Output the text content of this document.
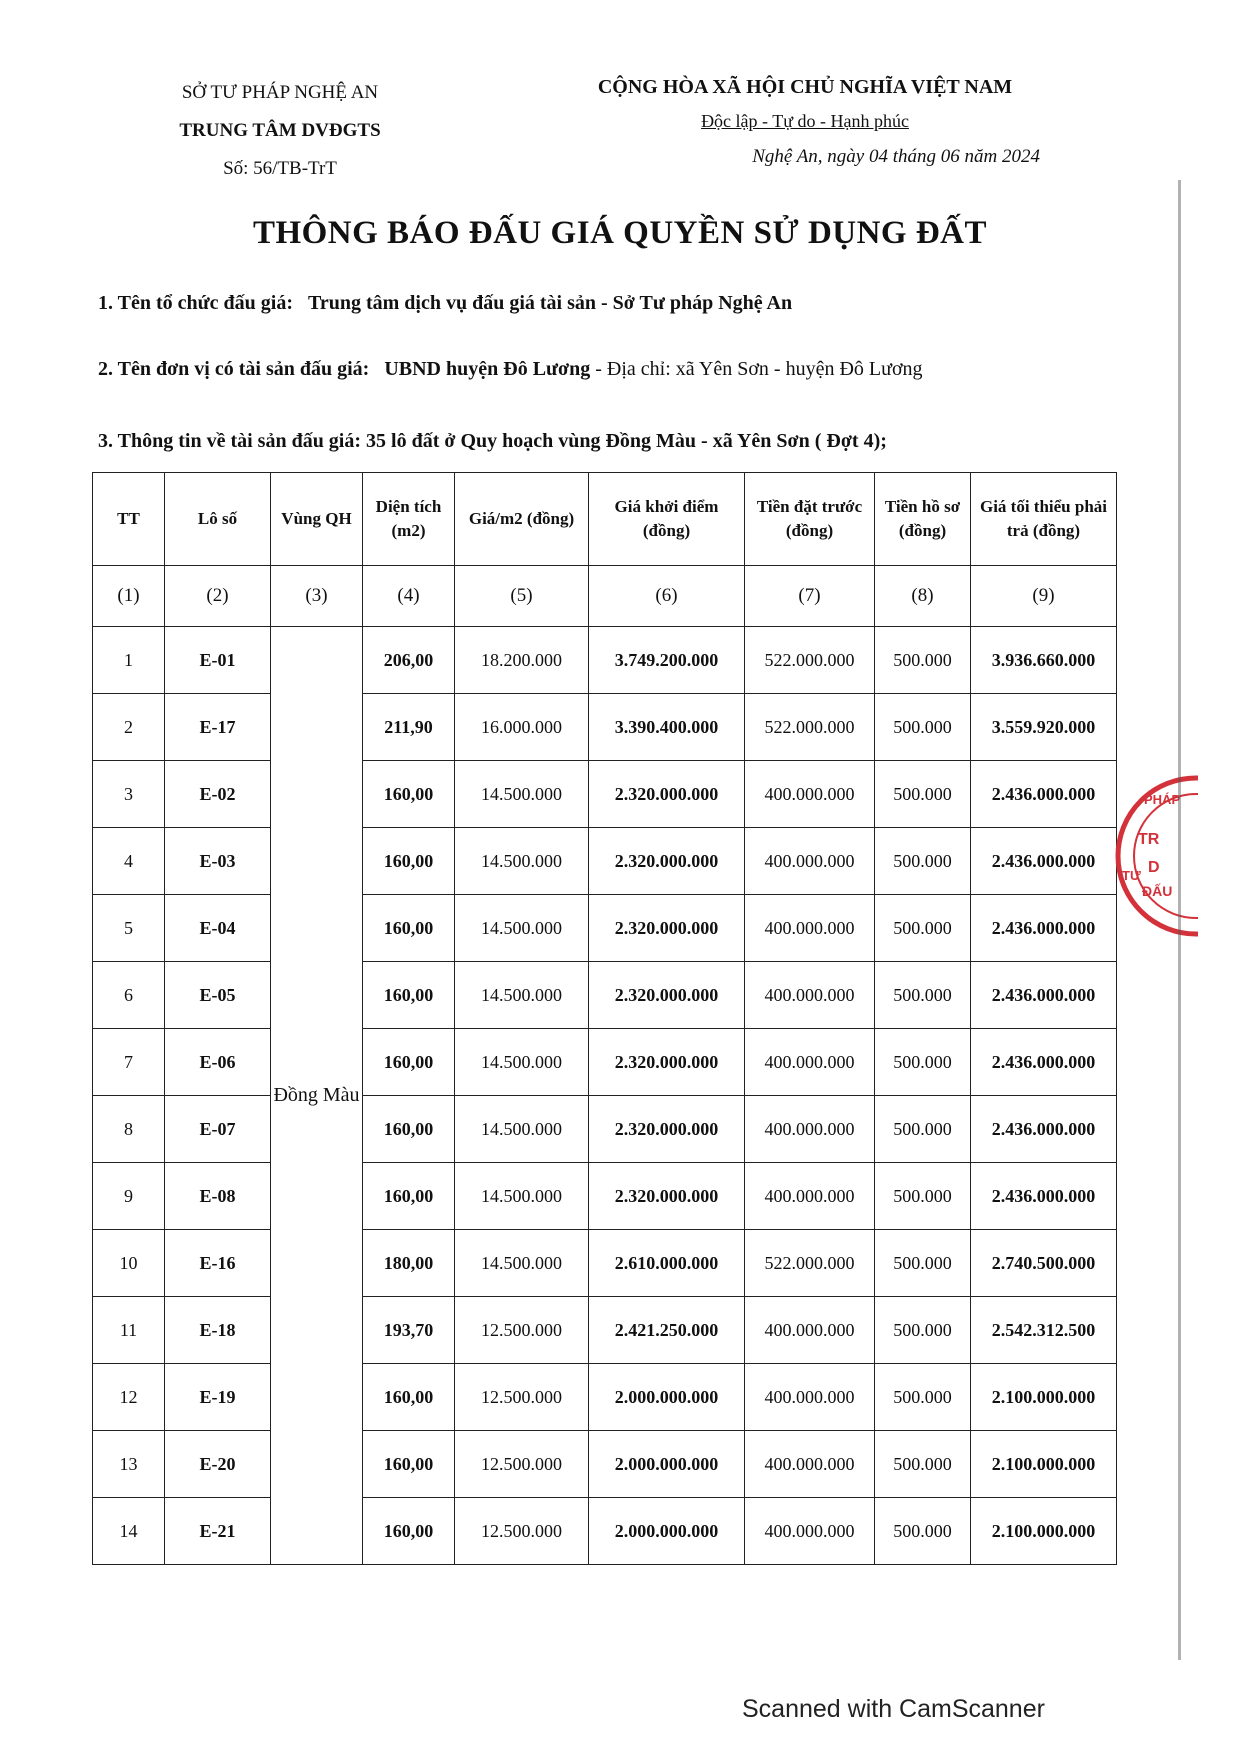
SỞ TƯ PHÁP NGHỆ AN
TRUNG TÂM DVĐGTS
Số: 56/TB-TrT
CỘNG HÒA XÃ HỘI CHỦ NGHĨA VIỆT NAM
Độc lập - Tự do - Hạnh phúc
Nghệ An, ngày 04 tháng 06 năm 2024
THÔNG BÁO ĐẤU GIÁ QUYỀN SỬ DỤNG ĐẤT
1. Tên tổ chức đấu giá: Trung tâm dịch vụ đấu giá tài sản - Sở Tư pháp Nghệ An
2. Tên đơn vị có tài sản đấu giá: UBND huyện Đô Lương - Địa chỉ: xã Yên Sơn - huyện Đô Lương
3. Thông tin về tài sản đấu giá: 35 lô đất ở Quy hoạch vùng Đồng Màu - xã Yên Sơn ( Đợt 4);
TT	Lô số	Vùng QH	Diện tích (m2)	Giá/m2 (đồng)	Giá khởi điểm (đồng)	Tiền đặt trước (đồng)	Tiền hồ sơ (đồng)	Giá tối thiểu phải trả (đồng)
(1)	(2)	(3)	(4)	(5)	(6)	(7)	(8)	(9)
1	E-01	Đồng Màu	206,00	18.200.000	3.749.200.000	522.000.000	500.000	3.936.660.000
2	E-17		211,90	16.000.000	3.390.400.000	522.000.000	500.000	3.559.920.000
3	E-02		160,00	14.500.000	2.320.000.000	400.000.000	500.000	2.436.000.000
4	E-03		160,00	14.500.000	2.320.000.000	400.000.000	500.000	2.436.000.000
5	E-04		160,00	14.500.000	2.320.000.000	400.000.000	500.000	2.436.000.000
6	E-05		160,00	14.500.000	2.320.000.000	400.000.000	500.000	2.436.000.000
7	E-06		160,00	14.500.000	2.320.000.000	400.000.000	500.000	2.436.000.000
8	E-07		160,00	14.500.000	2.320.000.000	400.000.000	500.000	2.436.000.000
9	E-08		160,00	14.500.000	2.320.000.000	400.000.000	500.000	2.436.000.000
10	E-16		180,00	14.500.000	2.610.000.000	522.000.000	500.000	2.740.500.000
11	E-18		193,70	12.500.000	2.421.250.000	400.000.000	500.000	2.542.312.500
12	E-19		160,00	12.500.000	2.000.000.000	400.000.000	500.000	2.100.000.000
13	E-20		160,00	12.500.000	2.000.000.000	400.000.000	500.000	2.100.000.000
14	E-21		160,00	12.500.000	2.000.000.000	400.000.000	500.000	2.100.000.000
PHÁP
TR
D
ĐẤU
TƯ
Scanned with CamScanner
